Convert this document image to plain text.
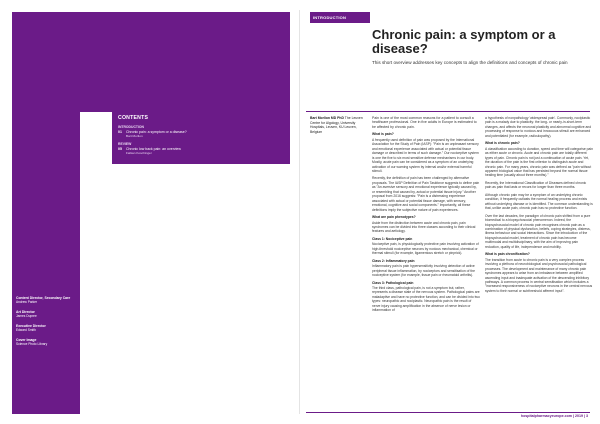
CONTENTS
INTRODUCTION
01	Chronic pain: a symptom or a disease?
Bart Morlion
REVIEW
05	Chronic low back pain: an overview
Fabian Koschinger
Content Director, Secondary Care
Andrew Parker
Art Director
James Dupree
Executive Director
Edward Smith
Cover Image
Science Photo Library
INTRODUCTION
Chronic pain: a symptom or a disease?
This short overview addresses key concepts to align the definitions and concepts of chronic pain
Bart Morlion MD PhD The Leuven Centre for Algology, University Hospitals, Leuven, KU Leuven, Belgium

Pain is one of the most common reasons for a patient to consult a healthcare professional. One in five adults in Europe is estimated to be affected by chronic pain.

What is pain?

A frequently used definition of pain was proposed by the International Association for the Study of Pain (IASP): "Pain is an unpleasant sensory and emotional experience associated with actual or potential tissue damage or described in terms of such damage." Our nociceptive system is one the five to six most sensitive defense mechanisms in our body. Mostly, acute pain can be considered as a symptom of an underlying activation of our warning system by internal and/or external harmful stimuli.

Recently, the definition of pain has been challenged by alternative proposals. The IASP Definition of Pain Taskforce suggests to define pain as "An aversive sensory and emotional experience typically caused by, or resembling that caused by, actual or potential tissue injury." Another proposal from 2016 suggests: "Pain is a distressing experience associated with actual or potential tissue damage, with sensory, emotional, cognitive and social components." Importantly, all these definitions imply the subjective nature of pain experiences.

What are pain phenotypes?

Aside from the distinction between acute and chronic pain, pain syndromes can be divided into three classes according to their clinical features and aetiology.

Class 1: Nociceptive pain

Nociceptive pain, is physiologically protective pain involving activation of high-threshold nociceptive neurons by noxious mechanical, chemical or thermal stimuli (for example, ligamentous stretch or pinprick).

Class 2: Inflammatory pain

Inflammatory pain is pain hypersensitivity involving detection of active peripheral tissue inflammation, by nociceptors and sensitisation of the nociceptive system (for example, tissue pain or rheumatoid arthritis).

Class 3: Pathological pain

The third class, pathological pain, is not a symptom but, rather, represents a disease state of the nervous system. Pathological pains are maladaptive and have no protective function, and can be divided into two types: neuropathic and nociplastic. Neuropathic pain is the result of nerve injury causing amplification in the absence of nerve lesion or inflammation of

a hypothesis of nonpathology 'widespread pain'. Commonly, nociplastic pain is a malady due to plasticity: the long- or nearly-in-short-term changes, and affects the neuronal plasticity and abnormal cognitive and processing of response to noxious and innocuous stimuli are enhanced and potentiated (for example, radiculopathy).

What is chronic pain?

A classification according to duration, speed and time will categorise pain as either acute or chronic. Acute and chronic pain are totally different types of pain. Chronic pain is not just a continuation of acute pain. Yet, the duration of the pain is the first criterion to distinguish acute and chronic pain. For many years, chronic pain was defined as "pain without apparent biological value that has persisted beyond the normal tissue healing time (usually about three months)."

Recently, the International Classification of Diseases defined chronic pain as pain that lasts or recurs for longer than three months.

Although chronic pain may be a symptom of an underlying chronic condition, it frequently outlasts the normal healing process and exists without underlying disease or is identified. The common understanding is that, unlike acute pain, chronic pain has no protective function.

Over the last decades, the paradigm of chronic pain shifted from a pure biomedical to a biopsychosocial phenomenon. Indeed, the biopsychosocial model of chronic pain recognises chronic pain as a combination of physical dysfunction, beliefs, coping strategies, distress, illness behaviour and social interactions. Since the introduction of the biopsychosocial model, treatment of chronic pain has become multimodal and multidisciplinary, with the aim of improving pain reduction, quality of life, independence and mobility.

What is pain chronification?

The transition from acute to chronic pain is a very complex process involving a plethora of neurobiological and psychosocial pathological processes. The development and maintenance of many chronic pain syndromes appears to arise from an imbalance between amplified ascending input and inadequate activation of the descending inhibitory pathways. A common process in central sensitisation which includes a "increased responsiveness of nociceptive neurons in the central nervous system to their normal or subthreshold afferent input".

hospitalpharmacyeurope.com | 2019 | 3
